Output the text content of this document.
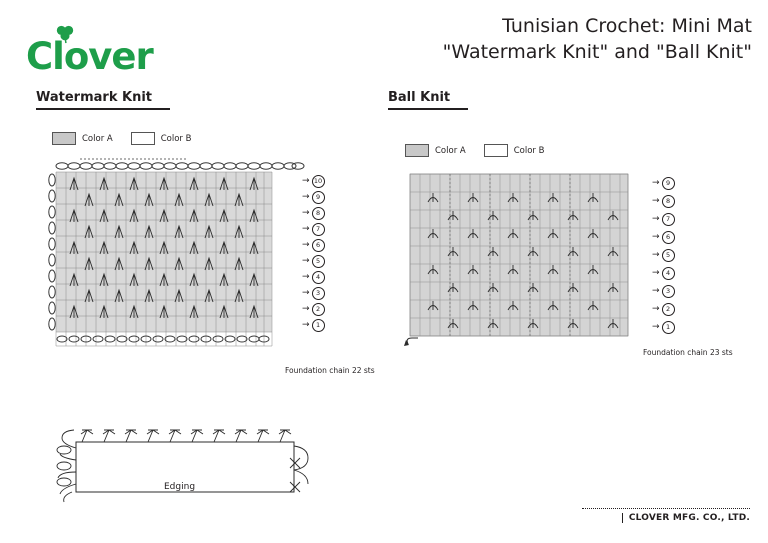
Clover
Tunisian Crochet: Mini Mat
"Watermark Knit" and "Ball Knit"
Watermark Knit
Color A	Color B
→ 10
→ 9
→ 8
→ 7
→ 6
→ 5
→ 4
→ 3
→ 2
→ 1
Foundation chain 22 sts
Ball Knit
Color A	Color B
→ 9
→ 8
→ 7
→ 6
→ 5
→ 4
→ 3
→ 2
→ 1
Foundation chain 23 sts
Edging
CLOVER MFG. CO., LTD.
